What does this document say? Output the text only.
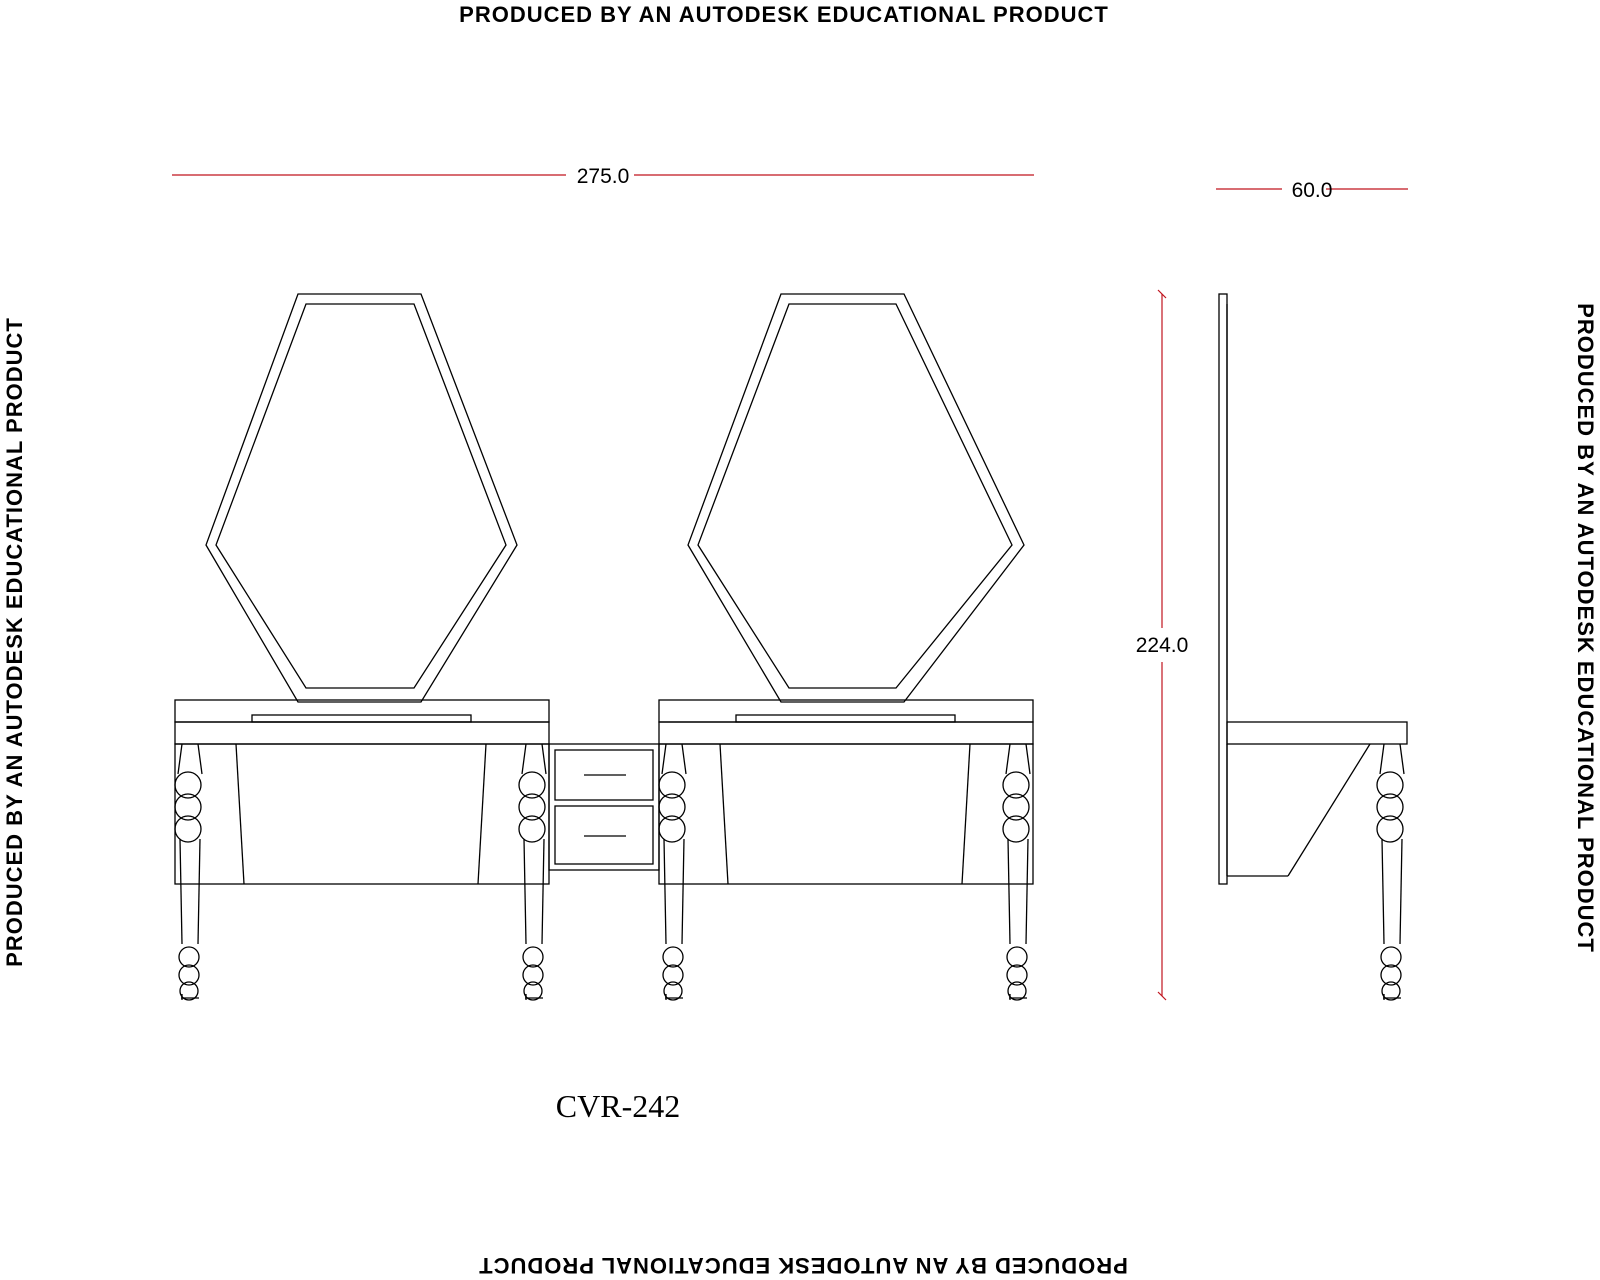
PRODUCED BY AN AUTODESK EDUCATIONAL PRODUCT
PRODUCED BY AN AUTODESK EDUCATIONAL PRODUCT
PRODUCED BY AN AUTODESK EDUCATIONAL PRODUCT	PRODUCED BY AN AUTODESK EDUCATIONAL PRODUCT
275.0
60.0
224.0
CVR-242
